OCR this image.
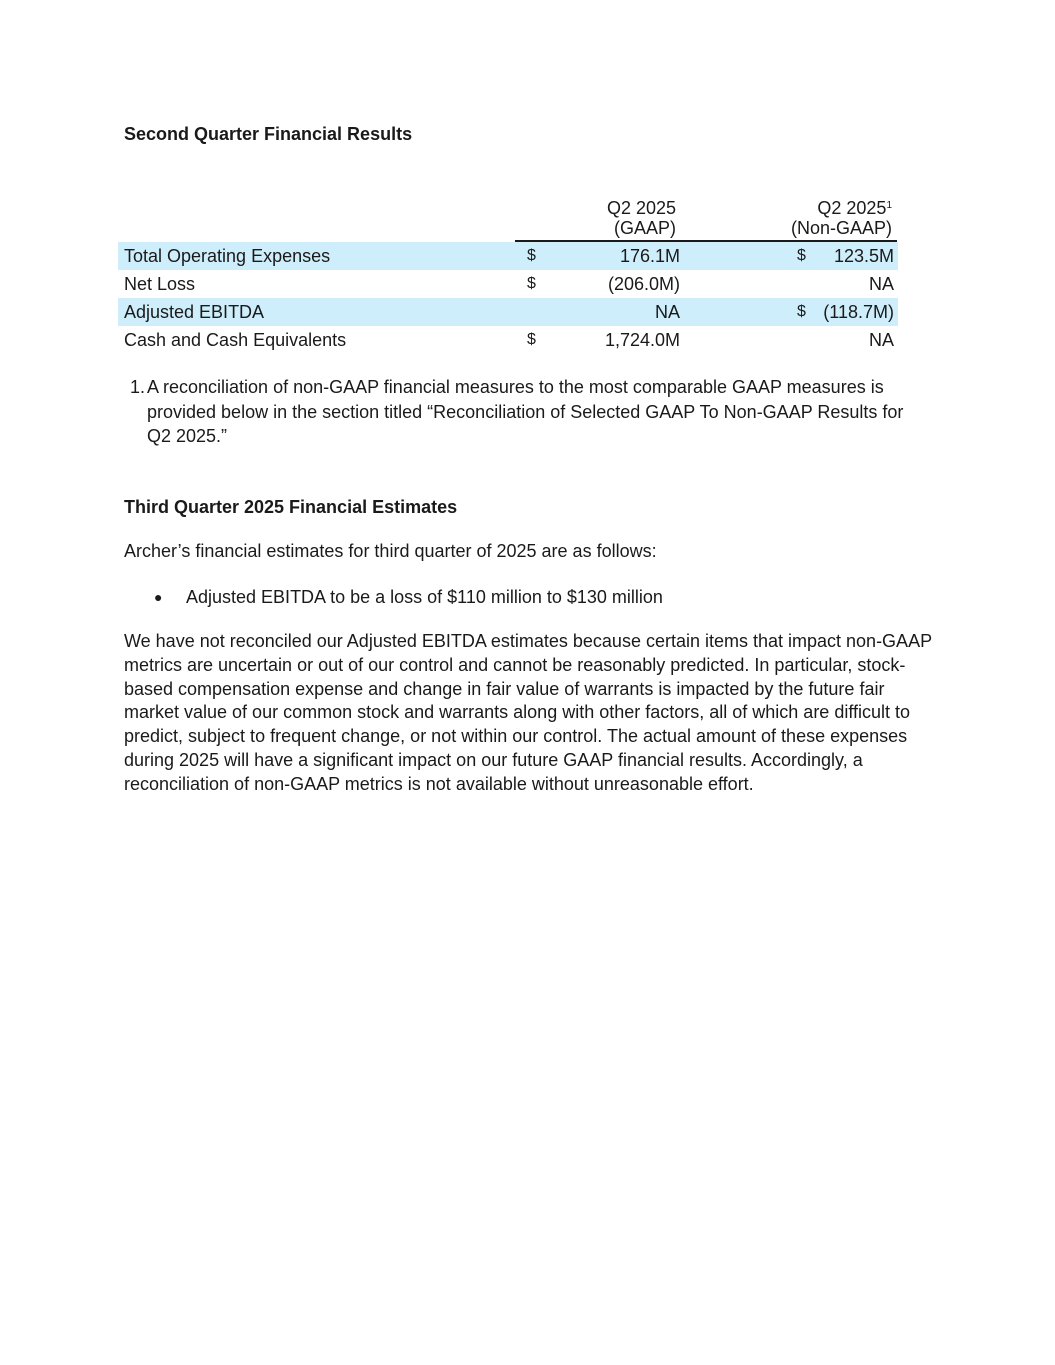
Second Quarter Financial Results
Q2 2025
(GAAP)
Q2 2025$^1$
(Non-GAAP)
Total Operating Expenses	$	176.1M	$	123.5M
Net Loss	$	(206.0M)	NA
Adjusted EBITDA	NA	$ (118.7M)
Cash and Cash Equivalents	$	1,724.0M	NA
1. A reconciliation of non-GAAP financial measures to the most comparable GAAP measures is provided below in the section titled “Reconciliation of Selected GAAP To Non-GAAP Results for Q2 2025.”
Third Quarter 2025 Financial Estimates

Archer’s financial estimates for third quarter of 2025 are as follows:

● Adjusted EBITDA to be a loss of $110 million to $130 million

We have not reconciled our Adjusted EBITDA estimates because certain items that impact non-GAAP metrics are uncertain or out of our control and cannot be reasonably predicted. In particular, stock-based compensation expense and change in fair value of warrants is impacted by the future fair market value of our common stock and warrants along with other factors, all of which are difficult to predict, subject to frequent change, or not within our control. The actual amount of these expenses during 2025 will have a significant impact on our future GAAP financial results. Accordingly, a reconciliation of non-GAAP metrics is not available without unreasonable effort.
